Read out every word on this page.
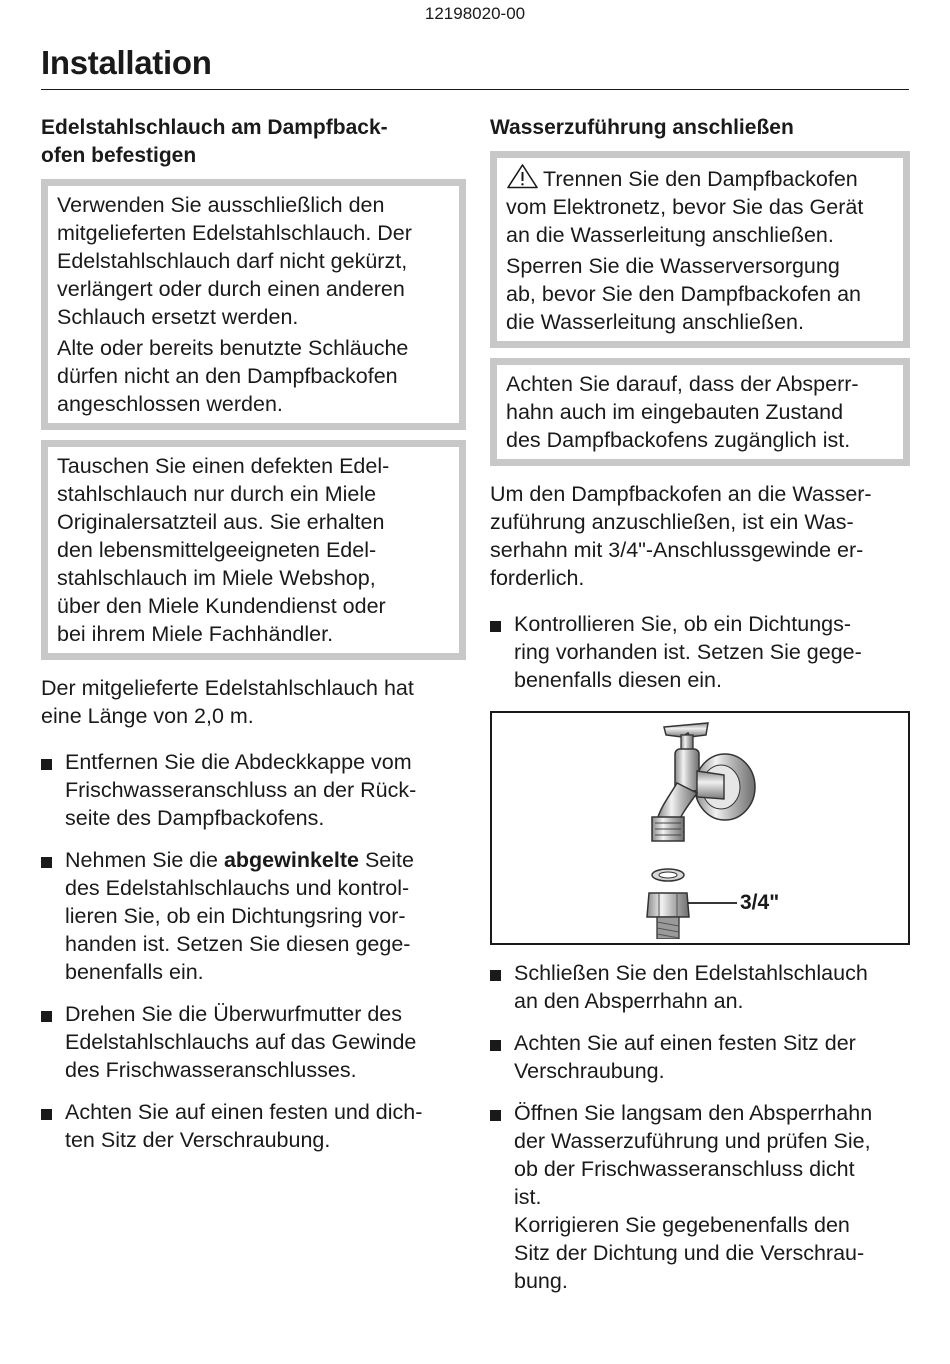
12198020-00
Installation
Edelstahlschlauch am Dampfback-
ofen befestigen
Verwenden Sie ausschließlich den
mitgelieferten Edelstahlschlauch. Der
Edelstahlschlauch darf nicht gekürzt,
verlängert oder durch einen anderen
Schlauch ersetzt werden.
Alte oder bereits benutzte Schläuche
dürfen nicht an den Dampfbackofen
angeschlossen werden.
Tauschen Sie einen defekten Edel-
stahlschlauch nur durch ein Miele
Originalersatzteil aus. Sie erhalten
den lebensmittelgeeigneten Edel-
stahlschlauch im Miele Webshop,
über den Miele Kundendienst oder
bei ihrem Miele Fachhändler.
Der mitgelieferte Edelstahlschlauch hat
eine Länge von 2,0 m.
Entfernen Sie die Abdeckkappe vom
Frischwasseranschluss an der Rück-
seite des Dampfbackofens.
Nehmen Sie die abgewinkelte Seite
des Edelstahlschlauchs und kontrol-
lieren Sie, ob ein Dichtungsring vor-
handen ist. Setzen Sie diesen gege-
benenfalls ein.
Drehen Sie die Überwurfmutter des
Edelstahlschlauchs auf das Gewinde
des Frischwasseranschlusses.
Achten Sie auf einen festen und dich-
ten Sitz der Verschraubung.
Wasserzuführung anschließen
Trennen Sie den Dampfbackofen
vom Elektronetz, bevor Sie das Gerät
an die Wasserleitung anschließen.
Sperren Sie die Wasserversorgung
ab, bevor Sie den Dampfbackofen an
die Wasserleitung anschließen.
Achten Sie darauf, dass der Absperr-
hahn auch im eingebauten Zustand
des Dampfbackofens zugänglich ist.
Um den Dampfbackofen an die Wasser-
zuführung anzuschließen, ist ein Was-
serhahn mit 3/4"-Anschlussgewinde er-
forderlich.
Kontrollieren Sie, ob ein Dichtungs-
ring vorhanden ist. Setzen Sie gege-
benenfalls diesen ein.
3/4"
Schließen Sie den Edelstahlschlauch
an den Absperrhahn an.
Achten Sie auf einen festen Sitz der
Verschraubung.
Öffnen Sie langsam den Absperrhahn
der Wasserzuführung und prüfen Sie,
ob der Frischwasseranschluss dicht
ist.
Korrigieren Sie gegebenenfalls den
Sitz der Dichtung und die Verschrau-
bung.
